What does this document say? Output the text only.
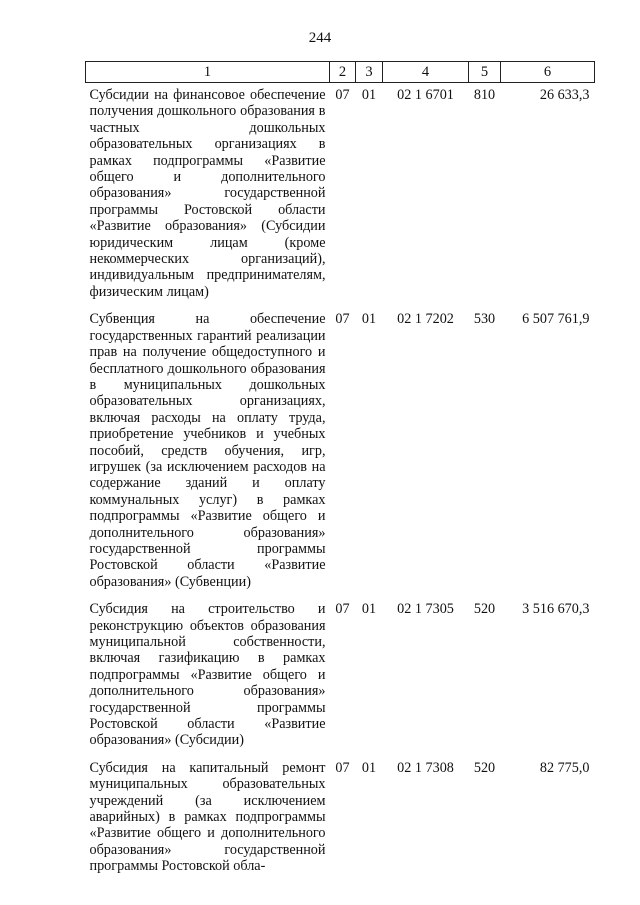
244
1	2	3	4	5	6
Субсидии на финансовое обеспечение получения дошкольного образования в частных дошкольных образовательных организациях в рамках подпрограммы «Развитие общего и дополнительного образования» государственной программы Ростовской области «Развитие образования» (Субсидии юридическим лицам (кроме некоммерческих организаций), индивидуальным предпринимателям, физическим лицам)	07	01	02 1 6701	810	26 633,3
Субвенция на обеспечение государственных гарантий реализации прав на получение общедоступного и бесплатного дошкольного образования в муниципальных дошкольных образовательных организациях, включая расходы на оплату труда, приобретение учебников и учебных пособий, средств обучения, игр, игрушек (за исключением расходов на содержание зданий и оплату коммунальных услуг) в рамках подпрограммы «Развитие общего и дополнительного образования» государственной программы Ростовской области «Развитие образования» (Субвенции)	07	01	02 1 7202	530	6 507 761,9
Субсидия на строительство и реконструкцию объектов образования муниципальной собственности, включая газификацию в рамках подпрограммы «Развитие общего и дополнительного образования» государственной программы Ростовской области «Развитие образования» (Субсидии)	07	01	02 1 7305	520	3 516 670,3
Субсидия на капитальный ремонт муниципальных образовательных учреждений (за исключением аварийных) в рамках подпрограммы «Развитие общего и дополнительного образования» государственной программы Ростовской обла-	07	01	02 1 7308	520	82 775,0
